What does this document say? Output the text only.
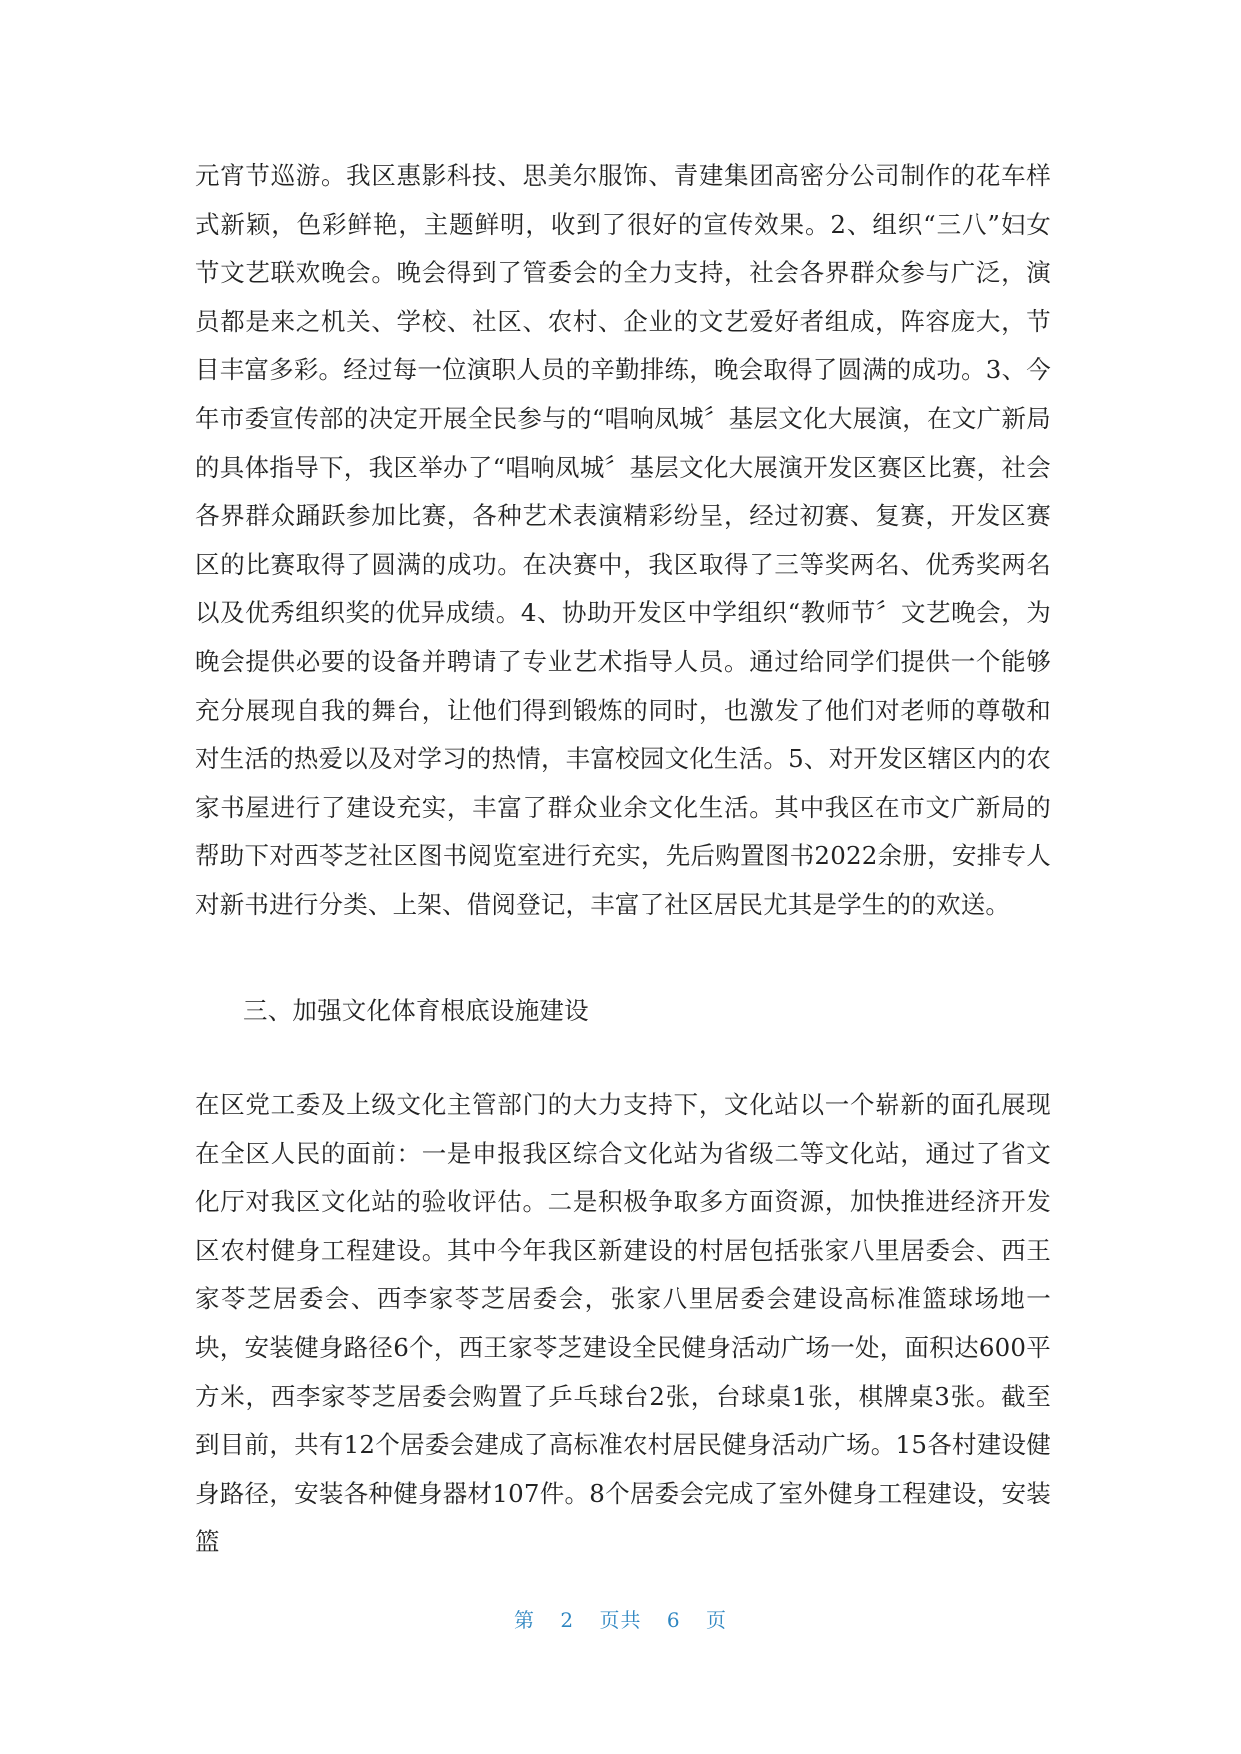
元宵节巡游。我区惠影科技、思美尔服饰、青建集团高密分公司制作的花车样式新颖，色彩鲜艳，主题鲜明，收到了很好的宣传效果。2、组织“三八”妇女节文艺联欢晚会。晚会得到了管委会的全力支持，社会各界群众参与广泛，演员都是来之机关、学校、社区、农村、企业的文艺爱好者组成，阵容庞大，节目丰富多彩。经过每一位演职人员的辛勤排练，晚会取得了圆满的成功。3、今年市委宣传部的决定开展全民参与的“唱响凤城〞基层文化大展演，在文广新局的具体指导下，我区举办了“唱响凤城〞基层文化大展演开发区赛区比赛，社会各界群众踊跃参加比赛，各种艺术表演精彩纷呈，经过初赛、复赛，开发区赛区的比赛取得了圆满的成功。在决赛中，我区取得了三等奖两名、优秀奖两名以及优秀组织奖的优异成绩。4、协助开发区中学组织“教师节〞文艺晚会，为晚会提供必要的设备并聘请了专业艺术指导人员。通过给同学们提供一个能够充分展现自我的舞台，让他们得到锻炼的同时，也激发了他们对老师的尊敬和对生活的热爱以及对学习的热情，丰富校园文化生活。5、对开发区辖区内的农家书屋进行了建设充实，丰富了群众业余文化生活。其中我区在市文广新局的帮助下对西苓芝社区图书阅览室进行充实，先后购置图书2022余册，安排专人对新书进行分类、上架、借阅登记，丰富了社区居民尤其是学生的的欢送。
三、加强文化体育根底设施建设
在区党工委及上级文化主管部门的大力支持下，文化站以一个崭新的面孔展现在全区人民的面前：一是申报我区综合文化站为省级二等文化站，通过了省文化厅对我区文化站的验收评估。二是积极争取多方面资源，加快推进经济开发区农村健身工程建设。其中今年我区新建设的村居包括张家八里居委会、西王家苓芝居委会、西李家苓芝居委会，张家八里居委会建设高标准篮球场地一块，安装健身路径6个，西王家苓芝建设全民健身活动广场一处，面积达600平方米，西李家苓芝居委会购置了乒乓球台2张，台球桌1张，棋牌桌3张。截至到目前，共有12个居委会建成了高标准农村居民健身活动广场。15各村建设健身路径，安装各种健身器材107件。8个居委会完成了室外健身工程建设，安装篮
第 2 页共 6 页
